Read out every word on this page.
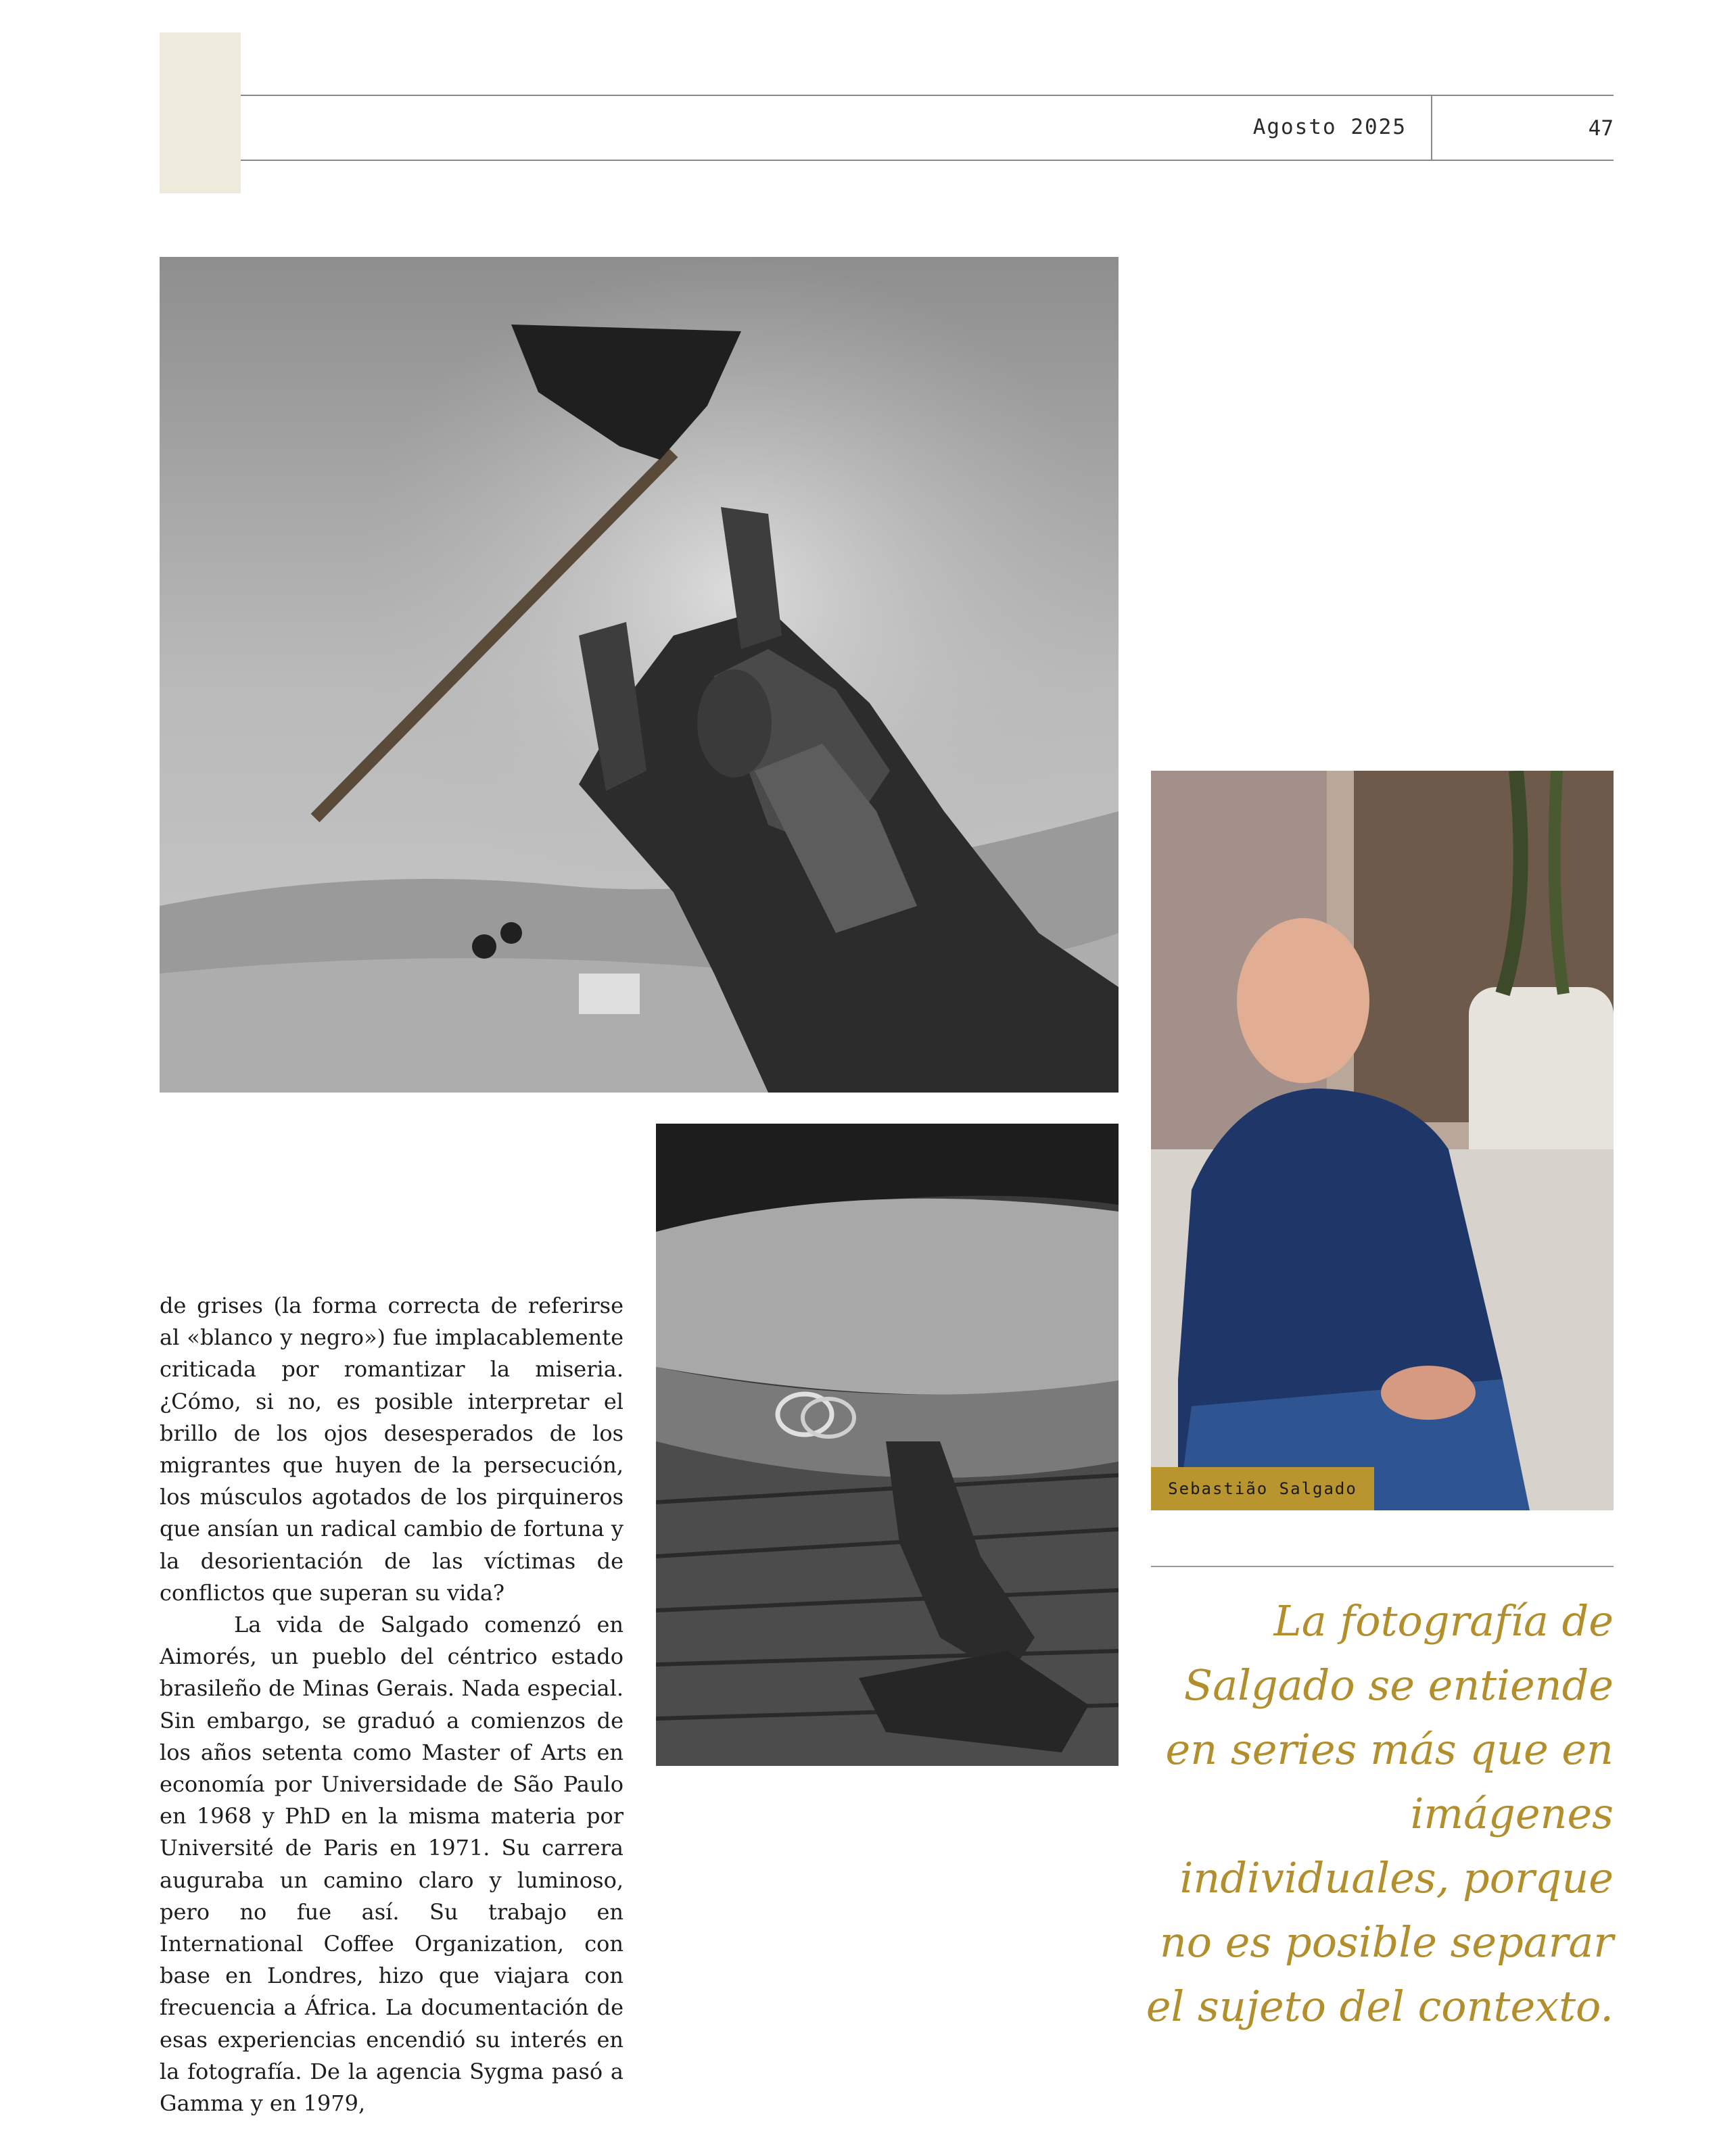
Agosto 2025	47
Sebastião Salgado

de grises (la forma correcta de referirse al «blanco y negro») fue implacablemente criticada por romantizar la miseria. ¿Cómo, si no, es posible interpretar el brillo de los ojos desesperados de los migrantes que huyen de la persecución, los músculos agotados de los pirquineros que ansían un radical cambio de fortuna y la desorientación de las víctimas de conflictos que superan su vida?

La vida de Salgado comenzó en Aimorés, un pueblo del céntrico estado brasileño de Minas Gerais. Nada especial. Sin embargo, se graduó a comienzos de los años setenta como Master of Arts en economía por Universidade de São Paulo en 1968 y PhD en la misma materia por Université de Paris en 1971. Su carrera auguraba un camino claro y luminoso, pero no fue así. Su trabajo en International Coffee Organization, con base en Londres, hizo que viajara con frecuencia a África. La documentación de esas experiencias encendió su interés en la fotografía. De la agencia Sygma pasó a Gamma y en 1979,

La fotografía de Salgado se entiende en series más que en imágenes individuales, porque no es posible separar el sujeto del contexto.
